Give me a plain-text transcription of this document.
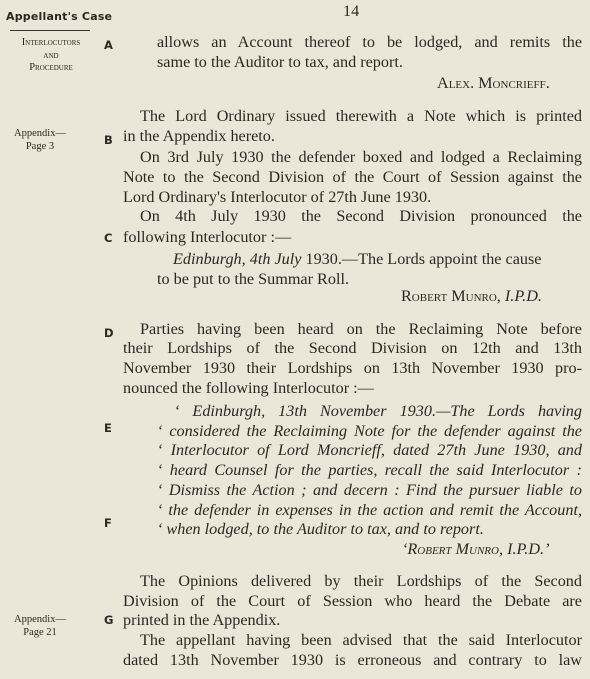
Appellant's Case	14
Interlocutors
and
Procedure
Appendix—
Page 3
Appendix—
Page 21
A
B
C
D
E
F
G
allows an Account thereof to be lodged, and remits the
same to the Auditor to tax, and report.
Alex. Moncrieff.
The Lord Ordinary issued therewith a Note which is printed
in the Appendix hereto.
On 3rd July 1930 the defender boxed and lodged a Reclaiming
Note to the Second Division of the Court of Session against the
Lord Ordinary's Interlocutor of 27th June 1930.
On 4th July 1930 the Second Division pronounced the
following Interlocutor :—
Edinburgh, 4th July 1930.—The Lords appoint the cause
to be put to the Summar Roll.
Robert Munro, I.P.D.
Parties having been heard on the Reclaiming Note before
their Lordships of the Second Division on 12th and 13th
November 1930 their Lordships on 13th November 1930 pro-
nounced the following Interlocutor :—
‘ Edinburgh, 13th November 1930.—The Lords having
‘ considered the Reclaiming Note for the defender against the
‘ Interlocutor of Lord Moncrieff, dated 27th June 1930, and
‘ heard Counsel for the parties, recall the said Interlocutor :
‘ Dismiss the Action ; and decern : Find the pursuer liable to
‘ the defender in expenses in the action and remit the Account,
‘ when lodged, to the Auditor to tax, and to report.
‘Robert Munro, I.P.D.’
The Opinions delivered by their Lordships of the Second
Division of the Court of Session who heard the Debate are
printed in the Appendix.
The appellant having been advised that the said Interlocutor
dated 13th November 1930 is erroneous and contrary to law
